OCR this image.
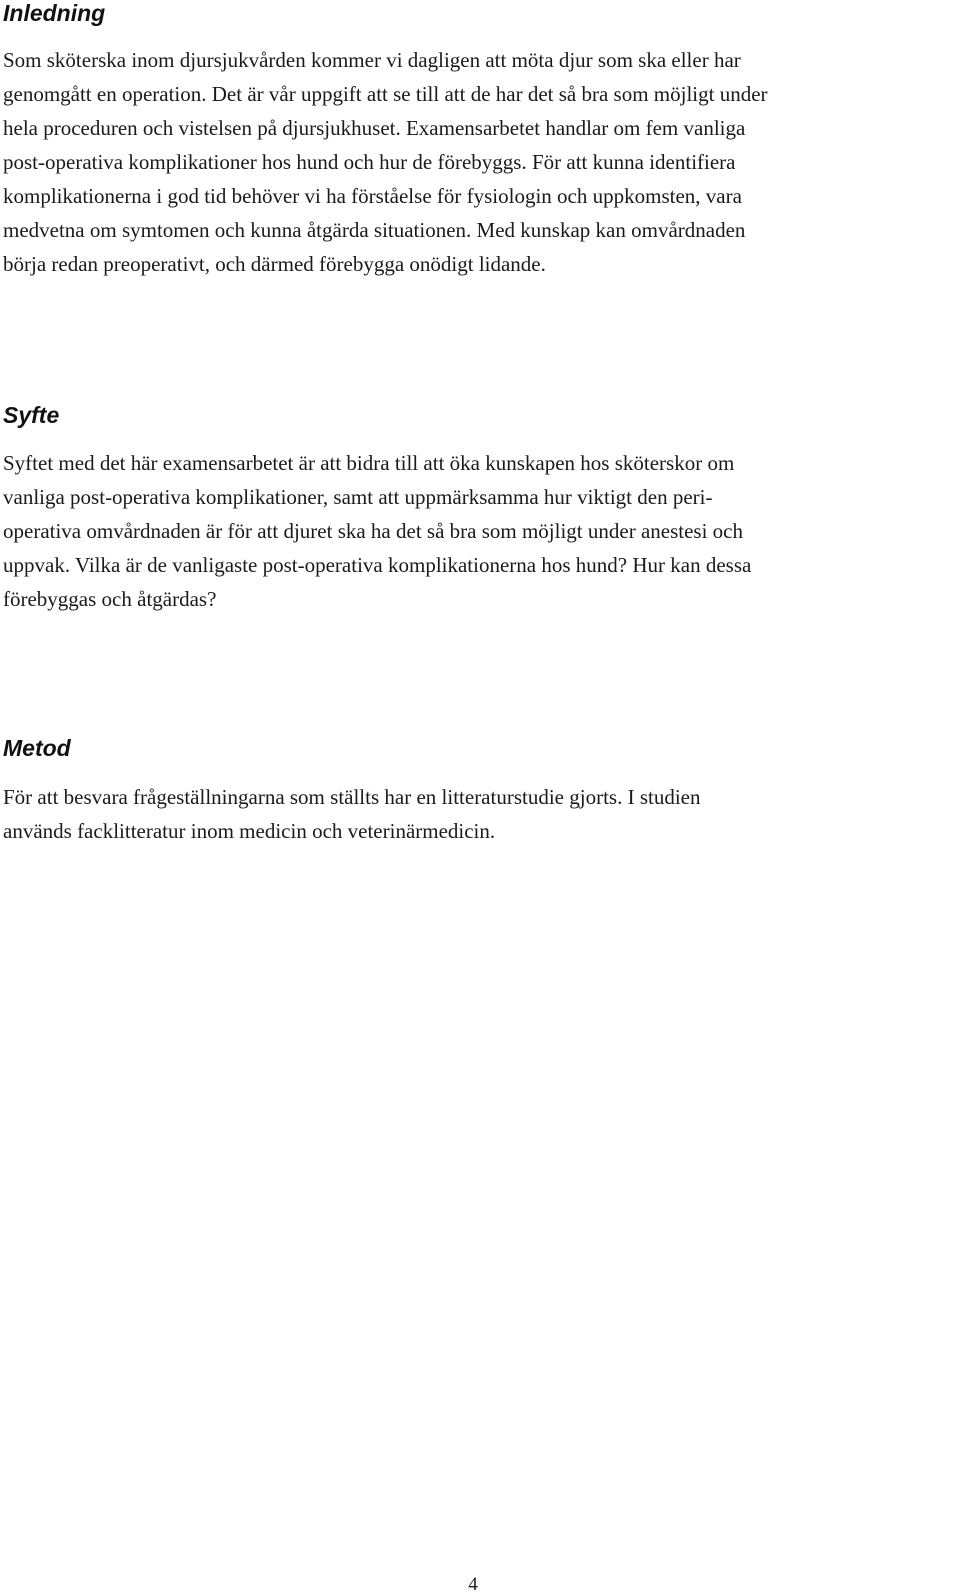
Inledning
Som sköterska inom djursjukvården kommer vi dagligen att möta djur som ska eller har
genomgått en operation. Det är vår uppgift att se till att de har det så bra som möjligt under
hela proceduren och vistelsen på djursjukhuset. Examensarbetet handlar om fem vanliga
post-operativa komplikationer hos hund och hur de förebyggs. För att kunna identifiera
komplikationerna i god tid behöver vi ha förståelse för fysiologin och uppkomsten, vara
medvetna om symtomen och kunna åtgärda situationen. Med kunskap kan omvårdnaden
börja redan preoperativt, och därmed förebygga onödigt lidande.
Syfte
Syftet med det här examensarbetet är att bidra till att öka kunskapen hos sköterskor om
vanliga post-operativa komplikationer, samt att uppmärksamma hur viktigt den peri-
operativa omvårdnaden är för att djuret ska ha det så bra som möjligt under anestesi och
uppvak. Vilka är de vanligaste post-operativa komplikationerna hos hund? Hur kan dessa
förebyggas och åtgärdas?
Metod
För att besvara frågeställningarna som ställts har en litteraturstudie gjorts. I studien
används facklitteratur inom medicin och veterinärmedicin.
4
